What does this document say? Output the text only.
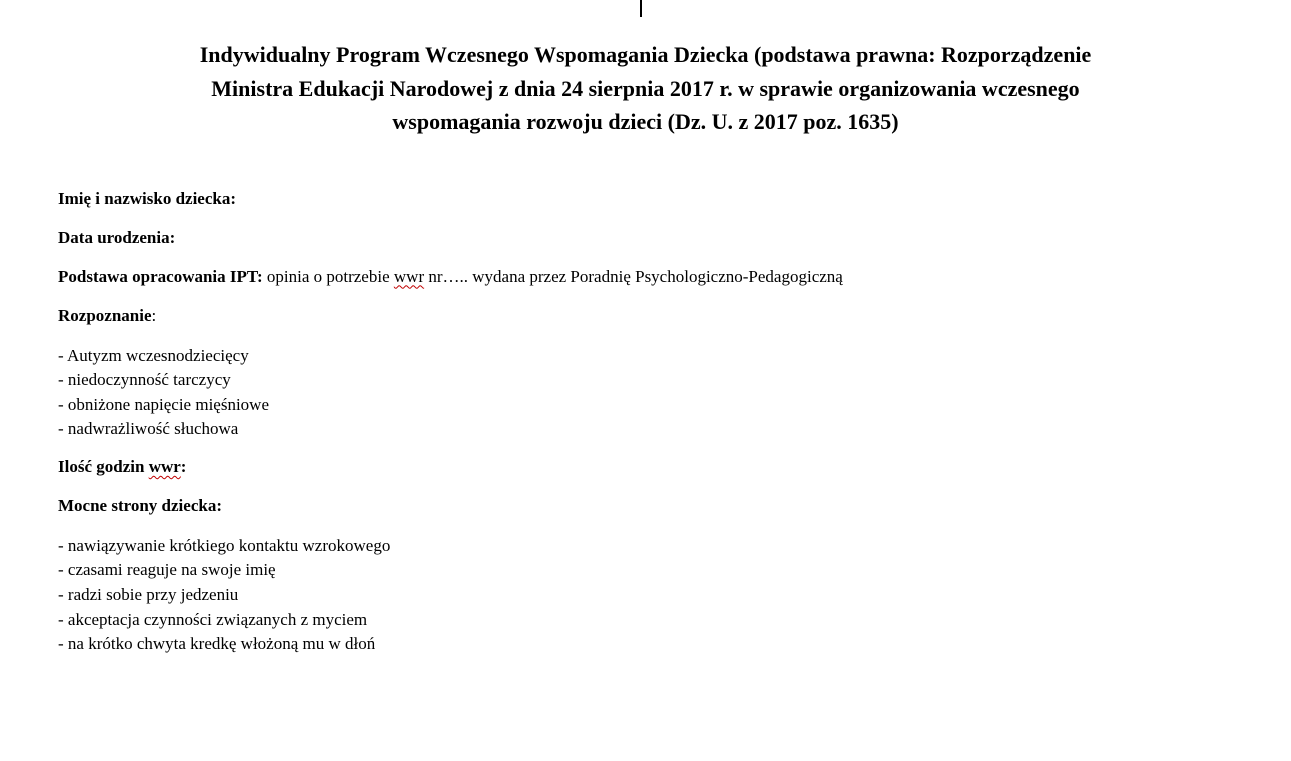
Indywidualny Program Wczesnego Wspomagania Dziecka (podstawa prawna: Rozporządzenie
Ministra Edukacji Narodowej z dnia 24 sierpnia 2017 r. w sprawie organizowania wczesnego
wspomagania rozwoju dzieci (Dz. U. z 2017 poz. 1635)

Imię i nazwisko dziecka:

Data urodzenia:

Podstawa opracowania IPT: opinia o potrzebie wwr nr….. wydana przez Poradnię Psychologiczno-Pedagogiczną

Rozpoznanie:

- Autyzm wczesnodziecięcy
- niedoczynność tarczycy
- obniżone napięcie mięśniowe
- nadwrażliwość słuchowa

Ilość godzin wwr:

Mocne strony dziecka:

- nawiązywanie krótkiego kontaktu wzrokowego
- czasami reaguje na swoje imię
- radzi sobie przy jedzeniu
- akceptacja czynności związanych z myciem
- na krótko chwyta kredkę włożoną mu w dłoń
